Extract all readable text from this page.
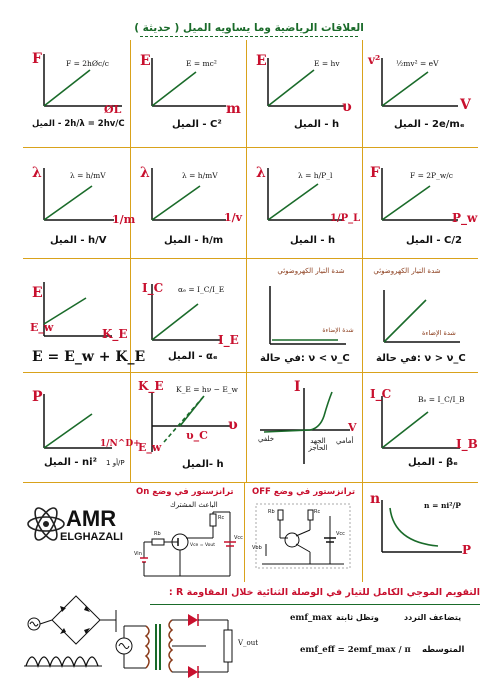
العلاقات الرياضية وما يساويه الميل ( حديثة )
F	F = 2hØc/c
ØL
2h/λ = 2hv/C - الميل
E	E = mc²
m
C² - الميل
E	E = hv
υ
h - الميل
v² ½mv² = eV
V
2e/mₑ - الميل
λ	λ = h/mV
1/m
h/V - الميل
λ	λ = h/mV
1/v
h/m - الميل
λ	λ = h/P_l
1/P_L
h - الميل
F	F = 2P_w/c
P_w
2/C - الميل
E
E_w	K_E
E = E_w + K_E
I_C αₑ = I_C/I_E
I_E
αₑ - الميل
شدة التيار الكهروضوئي
شدة الإضاءة
ν < ν_C :في حالة
شدة التيار الكهروضوئي
شدة الإضاءة
ν > ν_C :في حالة
P
1/N^D+
ni² - الميل أو 1/P
K_E K_E = hν − E_w
υ
υ_C
E_w
h -الميل
I
V
خلفي	أمامي
الجهد الحاجز
I_C	Bₑ = I_C/I_B
I_B
βₑ - الميل
AMR
ELGHAZALI
ترانزستور في وضع On
الباعث المشترك
Rc
Rb
Vce = Vout
Vcc
Vin
ترانزستور في وضع OFF
Rb	Rc
Vcc
Vbb
n
P
n = ni²/P
التقويم الموجي الكامل للتيار في الوصلة الثنائية خلال المقاومة R :
V_out
يتضاعف التردد
وتظل ثابتة
emf_max
المتوسطه
emf_eff = 2emf_max / π
